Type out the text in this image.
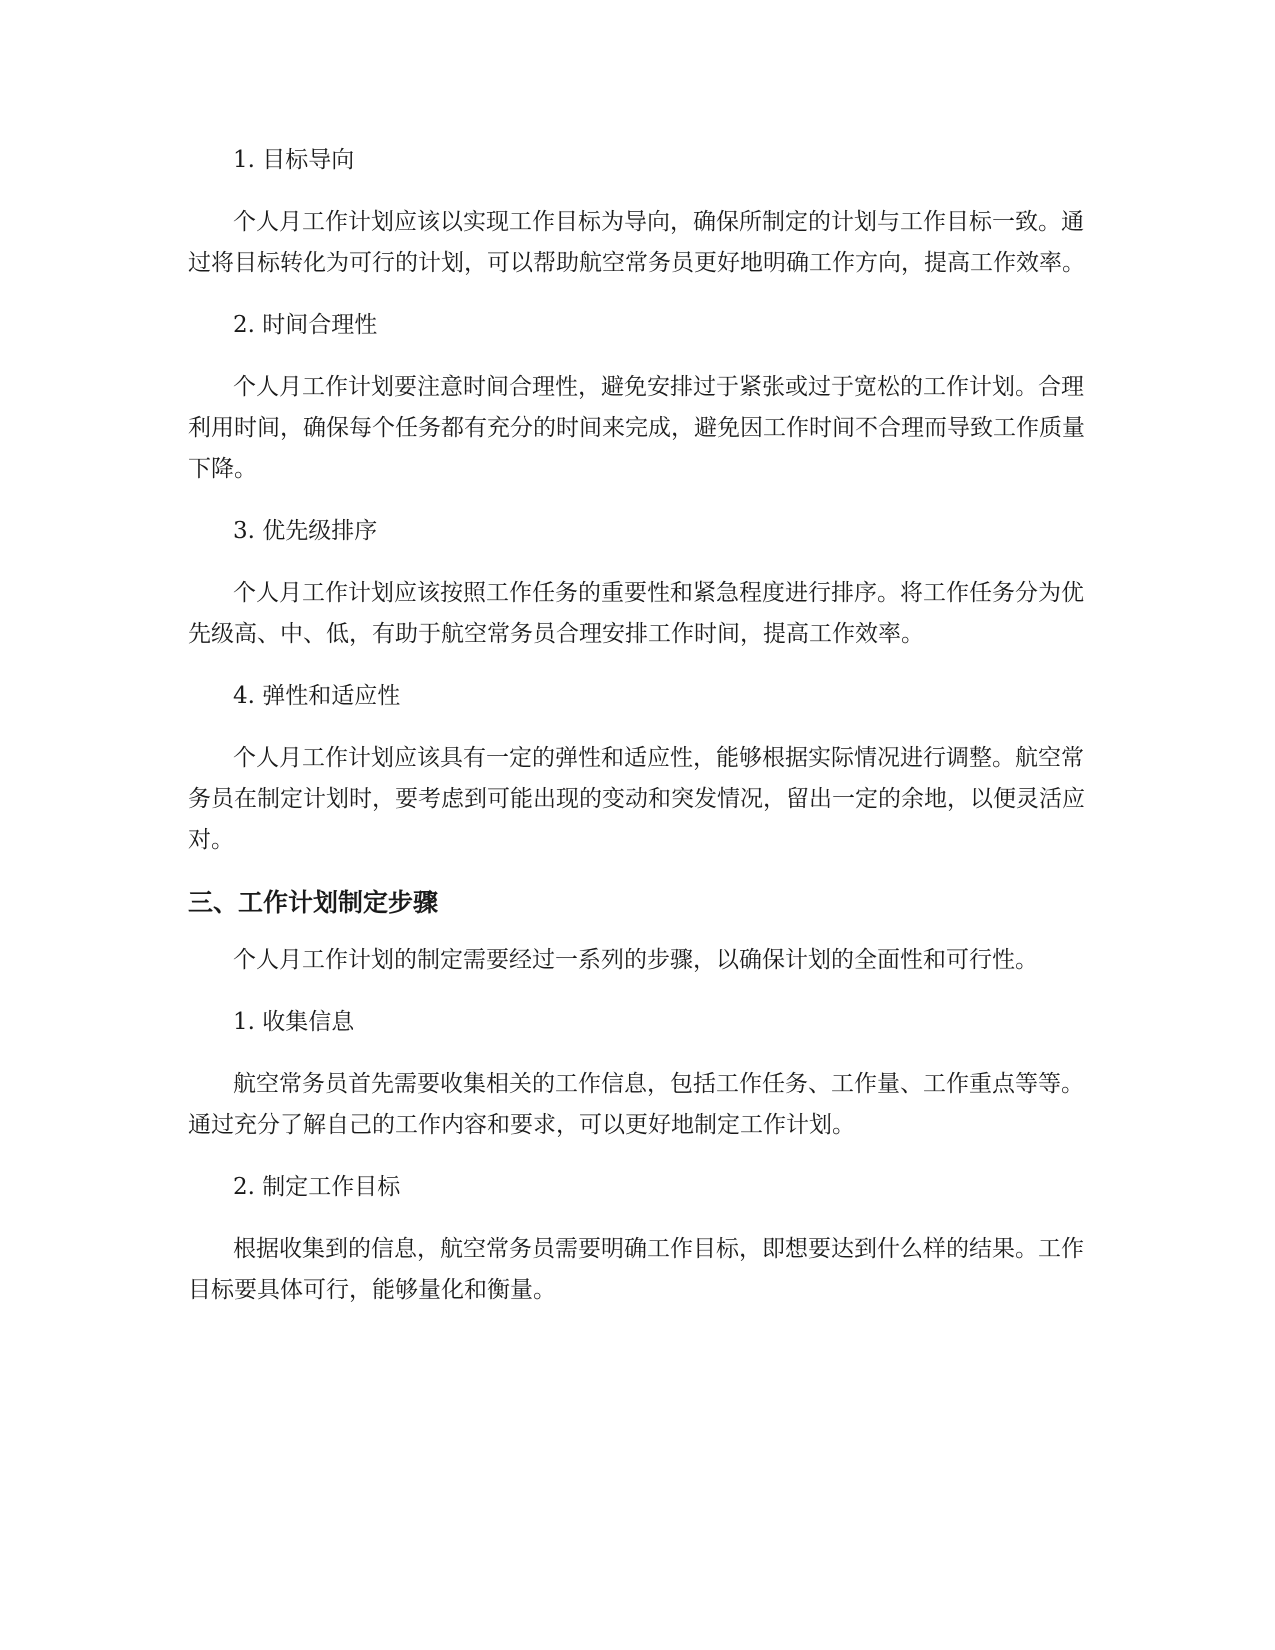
1. 目标导向

个人月工作计划应该以实现工作目标为导向，确保所制定的计划与工作目标一致。通过将目标转化为可行的计划，可以帮助航空常务员更好地明确工作方向，提高工作效率。

2. 时间合理性

个人月工作计划要注意时间合理性，避免安排过于紧张或过于宽松的工作计划。合理利用时间，确保每个任务都有充分的时间来完成，避免因工作时间不合理而导致工作质量下降。

3. 优先级排序

个人月工作计划应该按照工作任务的重要性和紧急程度进行排序。将工作任务分为优先级高、中、低，有助于航空常务员合理安排工作时间，提高工作效率。

4. 弹性和适应性

个人月工作计划应该具有一定的弹性和适应性，能够根据实际情况进行调整。航空常务员在制定计划时，要考虑到可能出现的变动和突发情况，留出一定的余地，以便灵活应对。

三、工作计划制定步骤

个人月工作计划的制定需要经过一系列的步骤，以确保计划的全面性和可行性。

1. 收集信息

航空常务员首先需要收集相关的工作信息，包括工作任务、工作量、工作重点等等。通过充分了解自己的工作内容和要求，可以更好地制定工作计划。

2. 制定工作目标

根据收集到的信息，航空常务员需要明确工作目标，即想要达到什么样的结果。工作目标要具体可行，能够量化和衡量。
